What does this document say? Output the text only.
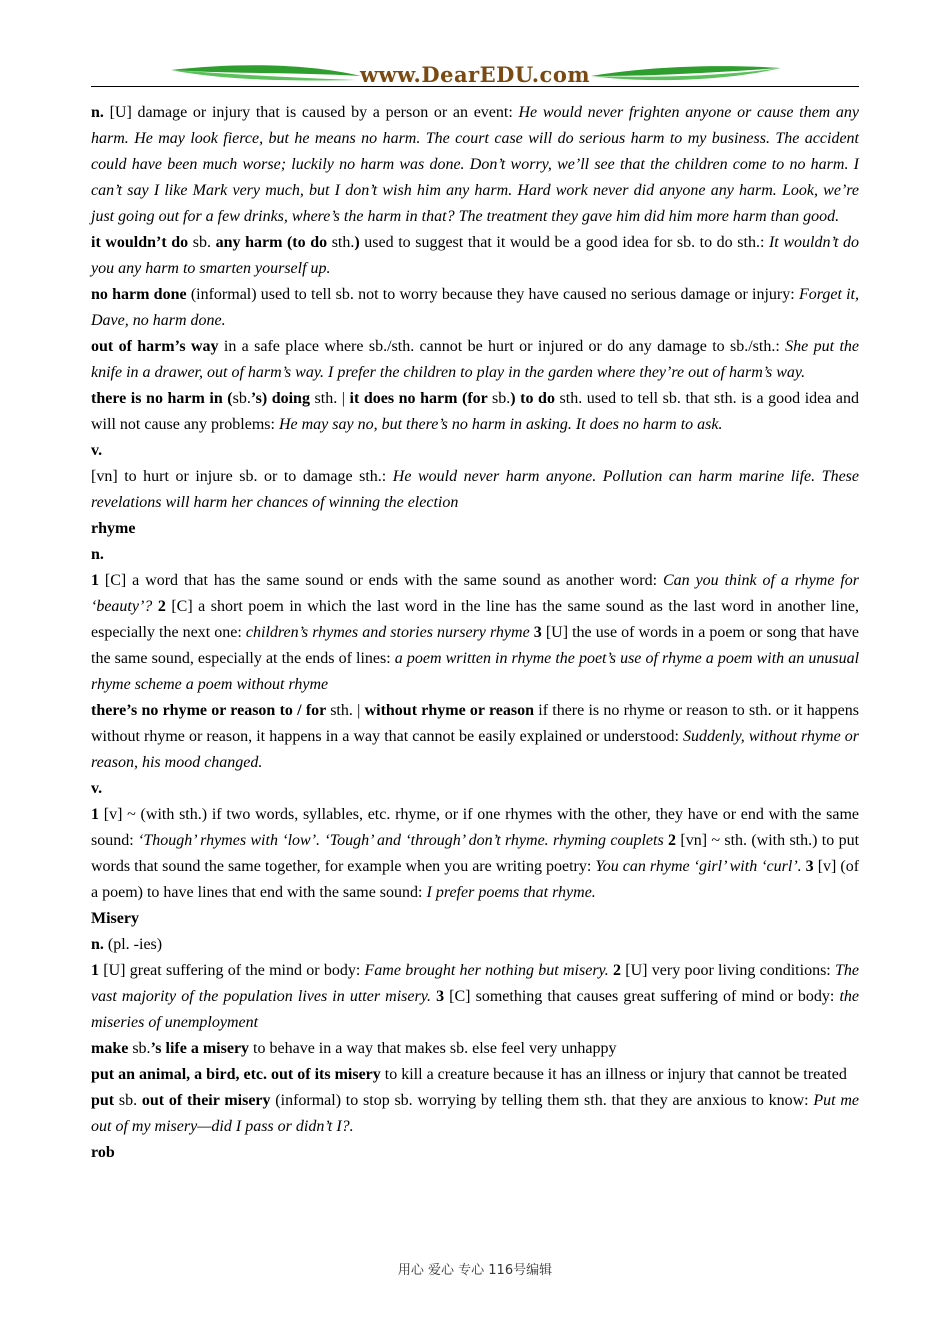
www.DearEDU.com

n. [U] damage or injury that is caused by a person or an event: He would never frighten anyone or cause them any harm. He may look fierce, but he means no harm. The court case will do serious harm to my business. The accident could have been much worse; luckily no harm was done. Don’t worry, we’ll see that the children come to no harm. I can’t say I like Mark very much, but I don’t wish him any harm. Hard work never did anyone any harm. Look, we’re just going out for a few drinks, where’s the harm in that? The treatment they gave him did him more harm than good.

it wouldn’t do sb. any harm (to do sth.) used to suggest that it would be a good idea for sb. to do sth.: It wouldn’t do you any harm to smarten yourself up.

no harm done (informal) used to tell sb. not to worry because they have caused no serious damage or injury: Forget it, Dave, no harm done.

out of harm’s way in a safe place where sb./sth. cannot be hurt or injured or do any damage to sb./sth.: She put the knife in a drawer, out of harm’s way. I prefer the children to play in the garden where they’re out of harm’s way.

there is no harm in (sb.’s) doing sth. | it does no harm (for sb.) to do sth. used to tell sb. that sth. is a good idea and will not cause any problems: He may say no, but there’s no harm in asking. It does no harm to ask.

v.

[vn] to hurt or injure sb. or to damage sth.: He would never harm anyone. Pollution can harm marine life. These revelations will harm her chances of winning the election

rhyme

n.

1 [C] a word that has the same sound or ends with the same sound as another word: Can you think of a rhyme for ‘beauty’? 2 [C] a short poem in which the last word in the line has the same sound as the last word in another line, especially the next one: children’s rhymes and stories nursery rhyme 3 [U] the use of words in a poem or song that have the same sound, especially at the ends of lines: a poem written in rhyme the poet’s use of rhyme a poem with an unusual rhyme scheme a poem without rhyme

there’s no rhyme or reason to / for sth. | without rhyme or reason if there is no rhyme or reason to sth. or it happens without rhyme or reason, it happens in a way that cannot be easily explained or understood: Suddenly, without rhyme or reason, his mood changed.

v.

1 [v] ~ (with sth.) if two words, syllables, etc. rhyme, or if one rhymes with the other, they have or end with the same sound: ‘Though’ rhymes with ‘low’. ‘Tough’ and ‘through’ don’t rhyme. rhyming couplets 2 [vn] ~ sth. (with sth.) to put words that sound the same together, for example when you are writing poetry: You can rhyme ‘girl’ with ‘curl’. 3 [v] (of a poem) to have lines that end with the same sound: I prefer poems that rhyme.

Misery

n. (pl. -ies)

1 [U] great suffering of the mind or body: Fame brought her nothing but misery. 2 [U] very poor living conditions: The vast majority of the population lives in utter misery. 3 [C] something that causes great suffering of mind or body: the miseries of unemployment

make sb.’s life a misery to behave in a way that makes sb. else feel very unhappy

put an animal, a bird, etc. out of its misery to kill a creature because it has an illness or injury that cannot be treated

put sb. out of their misery (informal) to stop sb. worrying by telling them sth. that they are anxious to know: Put me out of my misery—did I pass or didn’t I?.

rob

用心 爱心 专心 116号编辑
